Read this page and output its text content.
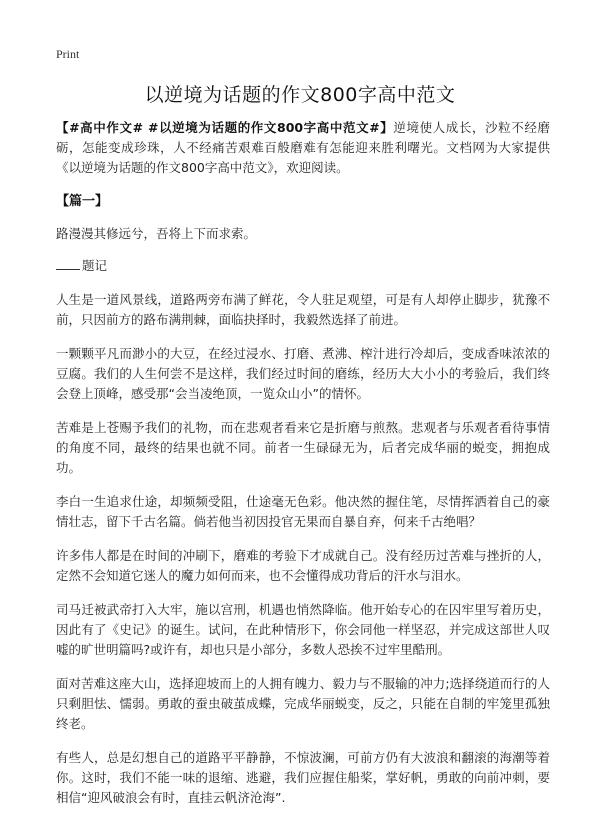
Print
以逆境为话题的作文800字高中范文

【#高中作文# #以逆境为话题的作文800字高中范文#】逆境使人成长，沙粒不经磨砺，怎能变成珍珠，人不经痛苦艰难百般磨难有怎能迎来胜利曙光。文档网为大家提供《以逆境为话题的作文800字高中范文》，欢迎阅读。

【篇一】

路漫漫其修远兮，吾将上下而求索。

题记

人生是一道风景线，道路两旁布满了鲜花，令人驻足观望，可是有人却停止脚步，犹豫不前，只因前方的路布满荆棘，面临抉择时，我毅然选择了前进。

一颗颗平凡而渺小的大豆，在经过浸水、打磨、煮沸、榨汁进行冷却后，变成香味浓浓的豆腐。我们的人生何尝不是这样，我们经过时间的磨练，经历大大小小的考验后，我们终会登上顶峰，感受那“会当凌绝顶，一览众山小”的情怀。

苦难是上苍赐予我们的礼物，而在悲观者看来它是折磨与煎熬。悲观者与乐观者看待事情的角度不同，最终的结果也就不同。前者一生碌碌无为，后者完成华丽的蜕变，拥抱成功。

李白一生追求仕途，却频频受阻，仕途毫无色彩。他决然的握住笔，尽情挥洒着自己的豪情壮志，留下千古名篇。倘若他当初因投官无果而自暴自弃，何来千古绝唱？

许多伟人都是在时间的冲刷下，磨难的考验下才成就自己。没有经历过苦难与挫折的人，定然不会知道它迷人的魔力如何而来，也不会懂得成功背后的汗水与泪水。

司马迁被武帝打入大牢，施以宫刑，机遇也悄然降临。他开始专心的在囚牢里写着历史，因此有了《史记》的诞生。试问，在此种情形下，你会同他一样坚忍，并完成这部世人叹嘘的旷世明篇吗?或许有，却也只是小部分，多数人恐挨不过牢里酷刑。

面对苦难这座大山，选择迎坡而上的人拥有魄力、毅力与不服输的冲力;选择绕道而行的人只剩胆怯、懦弱。勇敢的蚕虫破茧成蝶，完成华丽蜕变，反之，只能在自制的牢笼里孤独终老。

有些人，总是幻想自己的道路平平静静，不惊波澜，可前方仍有大波浪和翻滚的海潮等着你。这时，我们不能一味的退缩、逃避，我们应握住船桨，掌好帆，勇敢的向前冲刺，要相信“迎风破浪会有时，直挂云帆济沧海”.
